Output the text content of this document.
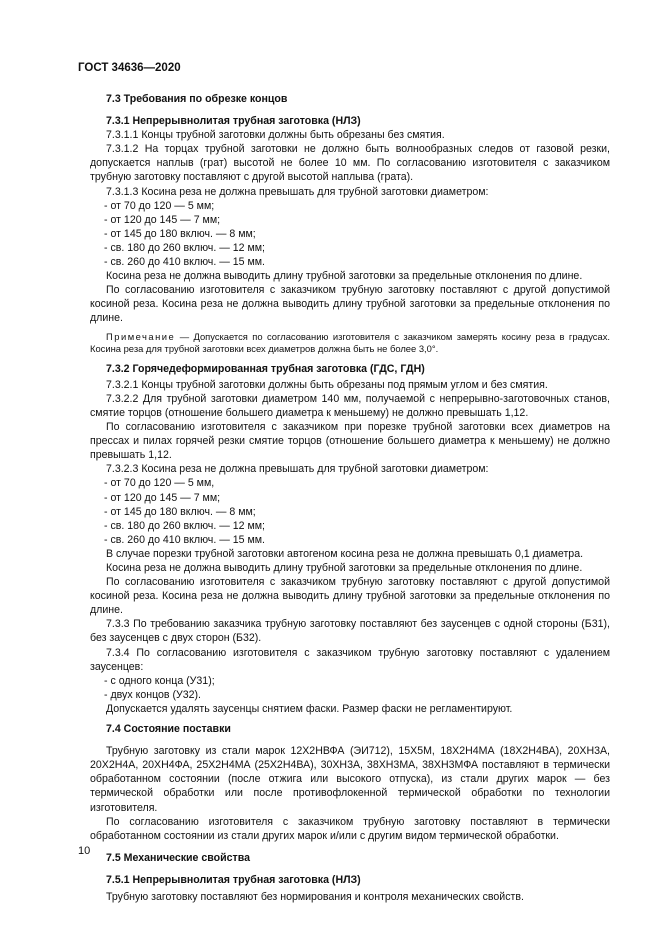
ГОСТ 34636—2020
7.3 Требования по обрезке концов
7.3.1 Непрерывнолитая трубная заготовка (НЛЗ)

7.3.1.1 Концы трубной заготовки должны быть обрезаны без смятия.

7.3.1.2 На торцах трубной заготовки не должно быть волнообразных следов от газовой резки, допускается наплыв (грат) высотой не более 10 мм. По согласованию изготовителя с заказчиком трубную заготовку поставляют с другой высотой наплыва (грата).

7.3.1.3 Косина реза не должна превышать для трубной заготовки диаметром:

- от 70 до 120 — 5 мм;

- от 120 до 145 — 7 мм;

- от 145 до 180 включ. — 8 мм;

- св. 180 до 260 включ. — 12 мм;

- св. 260 до 410 включ. — 15 мм.

Косина реза не должна выводить длину трубной заготовки за предельные отклонения по длине.

По согласованию изготовителя с заказчиком трубную заготовку поставляют с другой допустимой косиной реза. Косина реза не должна выводить длину трубной заготовки за предельные отклонения по длине.

Примечание — Допускается по согласованию изготовителя с заказчиком замерять косину реза в градусах. Косина реза для трубной заготовки всех диаметров должна быть не более 3,0°.

7.3.2 Горячедеформированная трубная заготовка (ГДС, ГДН)

7.3.2.1 Концы трубной заготовки должны быть обрезаны под прямым углом и без смятия.

7.3.2.2 Для трубной заготовки диаметром 140 мм, получаемой с непрерывно-заготовочных станов, смятие торцов (отношение большего диаметра к меньшему) не должно превышать 1,12.

По согласованию изготовителя с заказчиком при порезке трубной заготовки всех диаметров на прессах и пилах горячей резки смятие торцов (отношение большего диаметра к меньшему) не должно превышать 1,12.

7.3.2.3 Косина реза не должна превышать для трубной заготовки диаметром:

- от 70 до 120 — 5 мм,

- от 120 до 145 — 7 мм;

- от 145 до 180 включ. — 8 мм;

- св. 180 до 260 включ. — 12 мм;

- св. 260 до 410 включ. — 15 мм.

В случае порезки трубной заготовки автогеном косина реза не должна превышать 0,1 диаметра.

Косина реза не должна выводить длину трубной заготовки за предельные отклонения по длине.

По согласованию изготовителя с заказчиком трубную заготовку поставляют с другой допустимой косиной реза. Косина реза не должна выводить длину трубной заготовки за предельные отклонения по длине.

7.3.3 По требованию заказчика трубную заготовку поставляют без заусенцев с одной стороны (Б31), без заусенцев с двух сторон (Б32).

7.3.4 По согласованию изготовителя с заказчиком трубную заготовку поставляют с удалением заусенцев:

- с одного конца (У31);

- двух концов (У32).

Допускается удалять заусенцы снятием фаски. Размер фаски не регламентируют.

7.4 Состояние поставки

Трубную заготовку из стали марок 12Х2НВФА (ЭИ712), 15Х5М, 18Х2Н4МА (18Х2Н4ВА), 20ХН3А, 20Х2Н4А, 20ХН4ФА, 25Х2Н4МА (25Х2Н4ВА), 30ХН3А, 38ХН3МА, 38ХН3МФА поставляют в термически обработанном состоянии (после отжига или высокого отпуска), из стали других марок — без термической обработки или после противофлокенной термической обработки по технологии изготовителя.

По согласованию изготовителя с заказчиком трубную заготовку поставляют в термически обработанном состоянии из стали других марок и/или с другим видом термической обработки.

7.5 Механические свойства
7.5.1 Непрерывнолитая трубная заготовка (НЛЗ)

Трубную заготовку поставляют без нормирования и контроля механических свойств.

10
